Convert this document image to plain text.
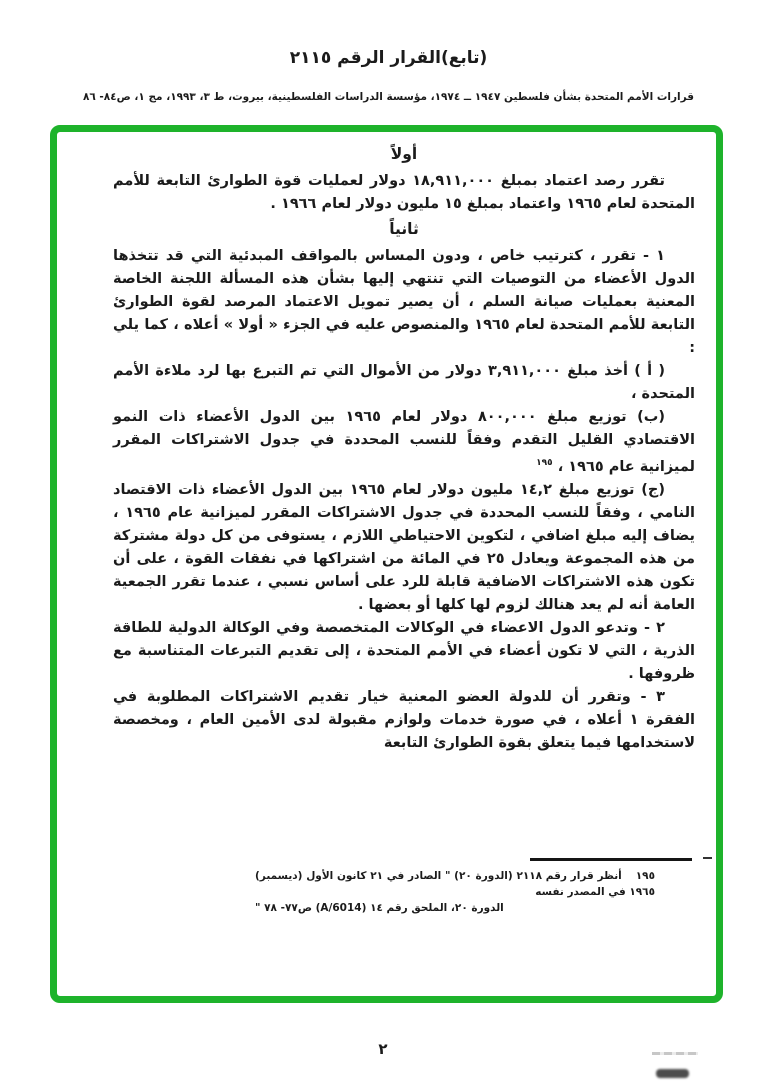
(تابع)القرار الرقم ٢١١٥
قرارات الأمم المتحدة بشأن فلسطين ١٩٤٧ ــ ١٩٧٤، مؤسسة الدراسات الفلسطينية، بيروت، ط ٣، ١٩٩٣، مج ١، ص٨٤- ٨٦
أولاً

تقرر رصد اعتماد بمبلغ ١٨,٩١١,٠٠٠ دولار لعمليات قوة الطوارئ التابعة للأمم المتحدة لعام ١٩٦٥ واعتماد بمبلغ ١٥ مليون دولار لعام ١٩٦٦ .

ثانياً

١ - تقرر ، كترتيب خاص ، ودون المساس بالمواقف المبدئية التي قد تتخذها الدول الأعضاء من التوصيات التي تنتهي إليها بشأن هذه المسألة اللجنة الخاصة المعنية بعمليات صيانة السلم ، أن يصير تمويل الاعتماد المرصد لقوة الطوارئ التابعة للأمم المتحدة لعام ١٩٦٥ والمنصوص عليه في الجزء « أولا » أعلاه ، كما يلي :

( أ ) أخذ مبلغ ٣,٩١١,٠٠٠ دولار من الأموال التي تم التبرع بها لرد ملاءة الأمم المتحدة ،

(ب) توزيع مبلغ ٨٠٠,٠٠٠ دولار لعام ١٩٦٥ بين الدول الأعضاء ذات النمو الاقتصادي القليل التقدم وفقاً للنسب المحددة في جدول الاشتراكات المقرر لميزانية عام ١٩٦٥ ، $^{١٩٥}$

(ج) توزيع مبلغ ١٤,٢ مليون دولار لعام ١٩٦٥ بين الدول الأعضاء ذات الاقتصاد النامي ، وفقاً للنسب المحددة في جدول الاشتراكات المقرر لميزانية عام ١٩٦٥ ، يضاف إليه مبلغ اضافي ، لتكوين الاحتياطي اللازم ، يستوفى من كل دولة مشتركة من هذه المجموعة ويعادل ٢٥ في المائة من اشتراكها في نفقات القوة ، على أن تكون هذه الاشتراكات الاضافية قابلة للرد على أساس نسبي ، عندما تقرر الجمعية العامة أنه لم يعد هنالك لزوم لها كلها أو بعضها .

٢ - وتدعو الدول الاعضاء في الوكالات المتخصصة وفي الوكالة الدولية للطاقة الذرية ، التي لا تكون أعضاء في الأمم المتحدة ، إلى تقديم التبرعات المتناسبة مع ظروفها .

٣ - وتقرر أن للدولة العضو المعنية خيار تقديم الاشتراكات المطلوبة في الفقرة ١ أعلاه ، في صورة خدمات ولوازم مقبولة لدى الأمين العام ، ومخصصة لاستخدامها فيما يتعلق بقوة الطوارئ التابعة

١٩٥أنظر قرار رقم ٢١١٨ (الدورة ٢٠) " الصادر في ٢١ كانون الأول (ديسمبر) ١٩٦٥ في المصدر نفسه
الدورة ٢٠، الملحق رقم ١٤ (A/6014) ص٧٧- ٧٨ "
٢
